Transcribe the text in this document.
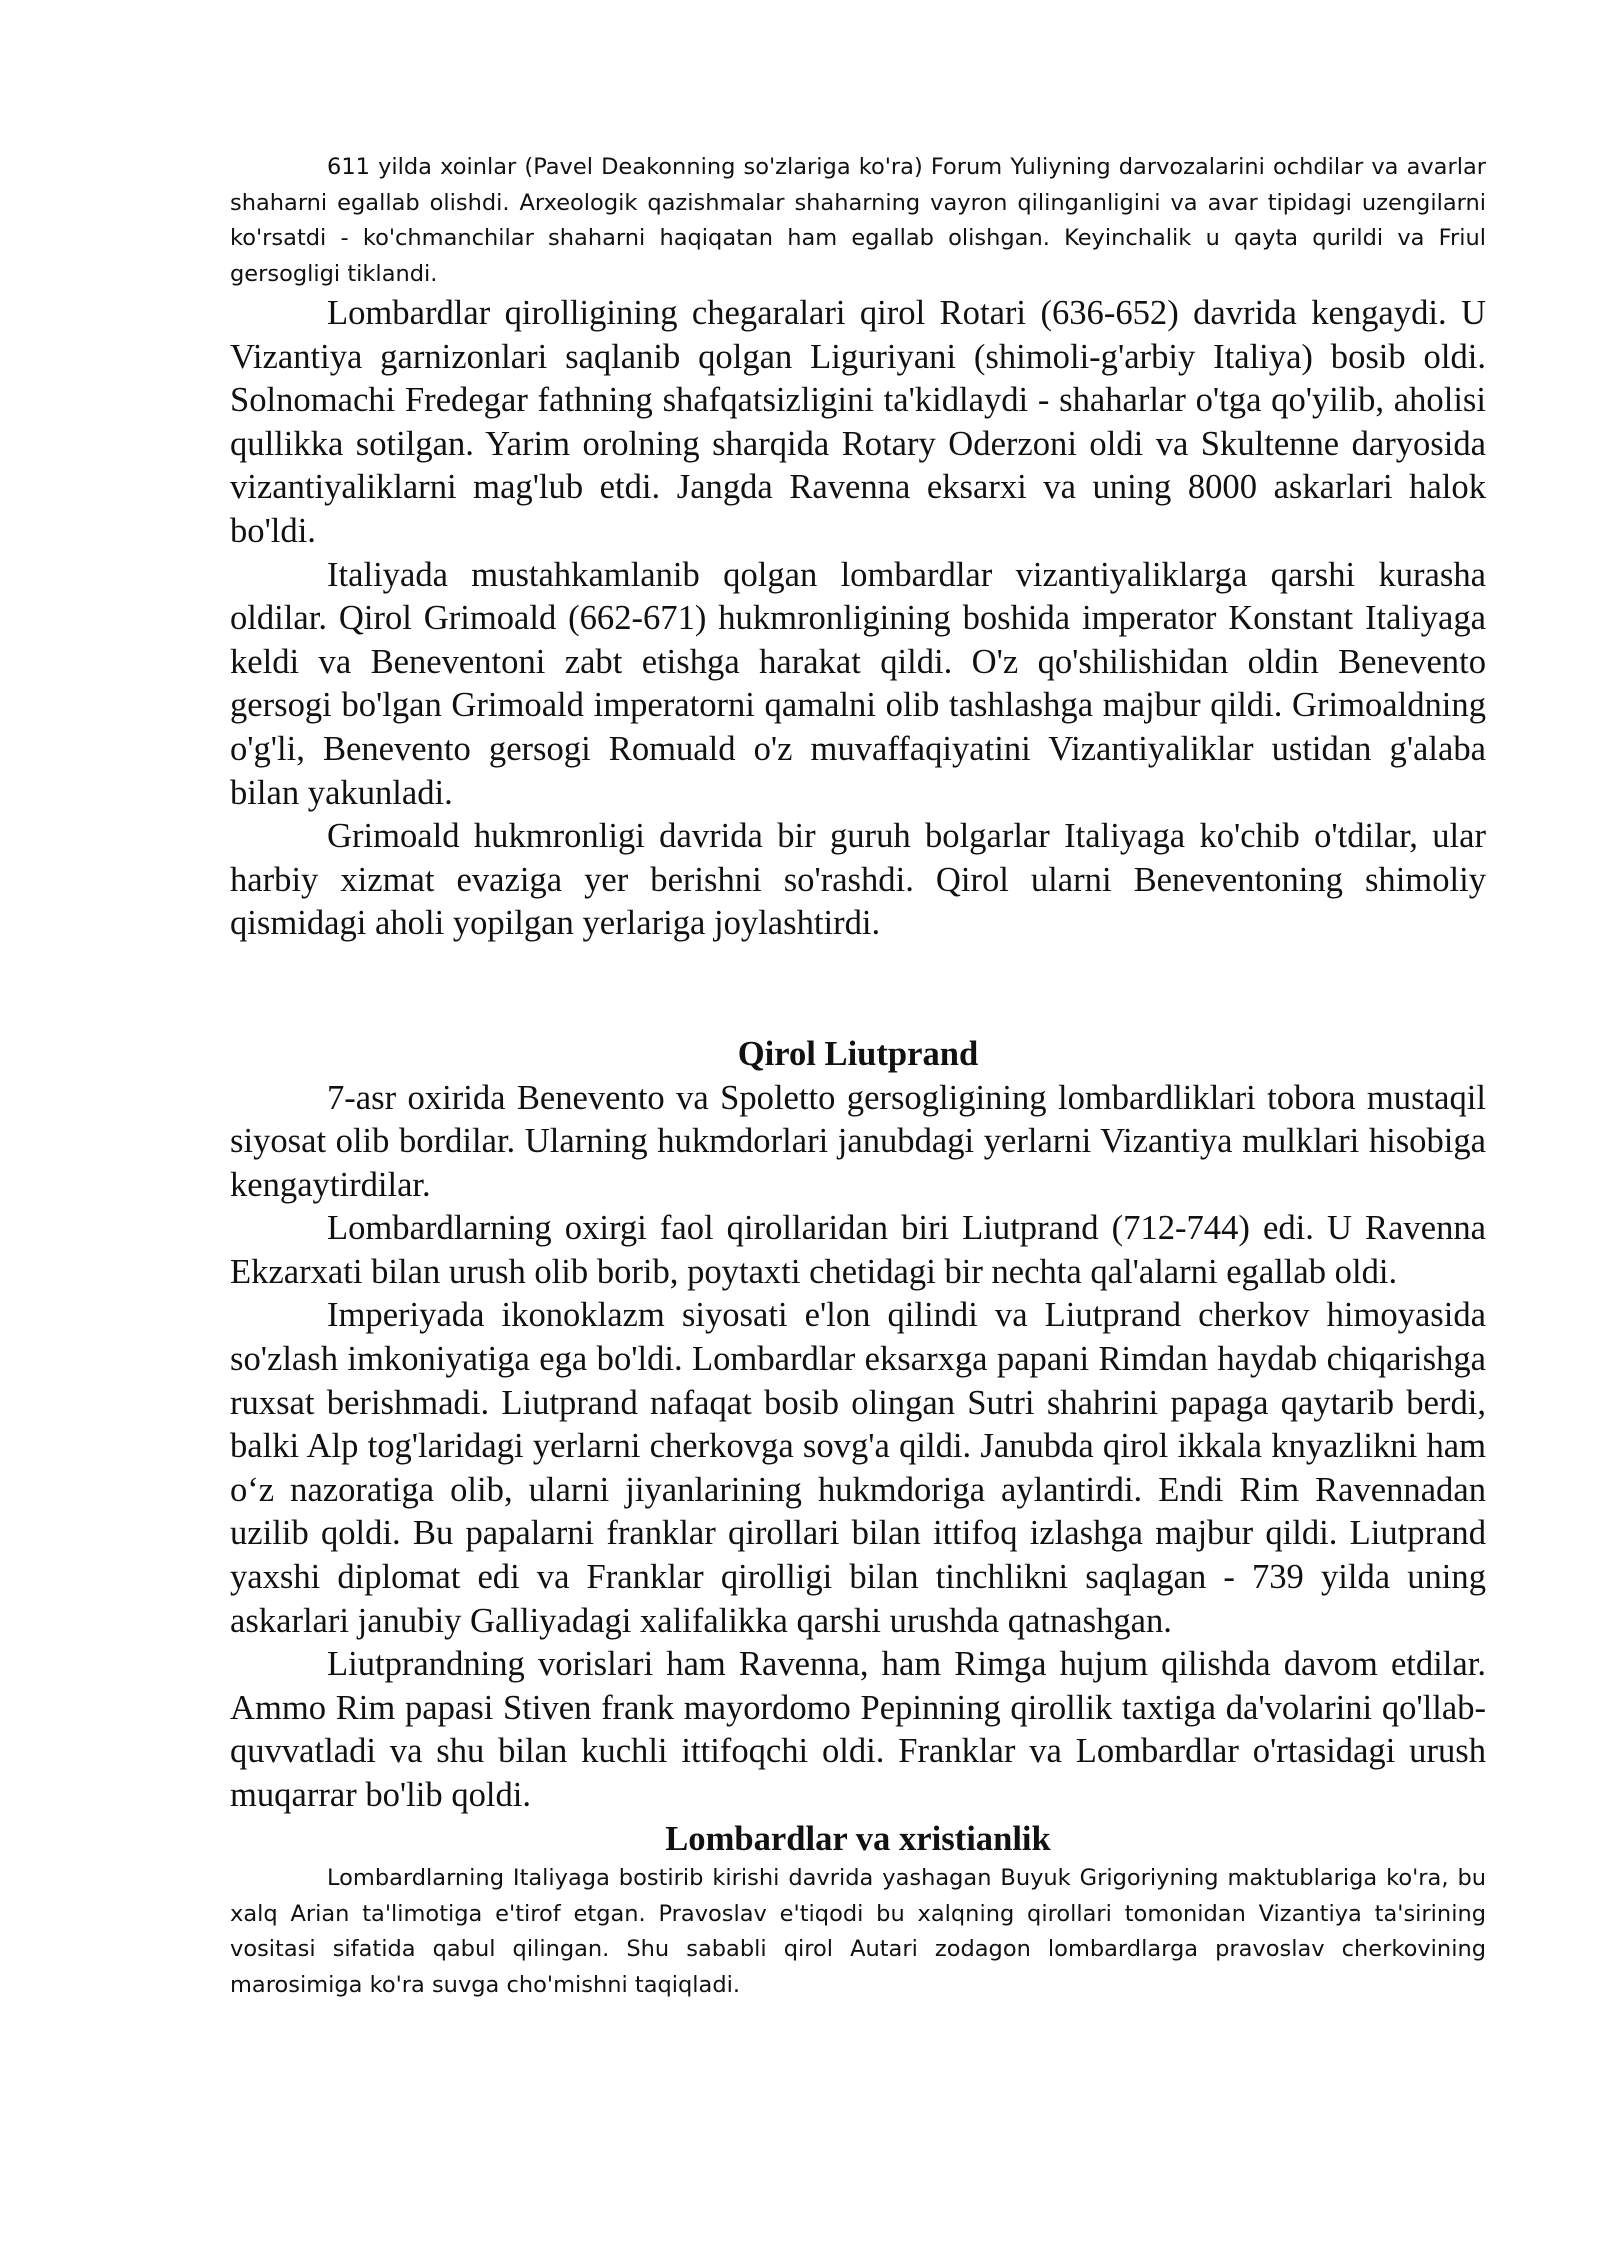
611 yilda xoinlar (Pavel Deakonning so'zlariga ko'ra) Forum Yuliyning darvozalarini ochdilar va avarlar shaharni egallab olishdi. Arxeologik qazishmalar shaharning vayron qilinganligini va avar tipidagi uzengilarni ko'rsatdi - ko'chmanchilar shaharni haqiqatan ham egallab olishgan. Keyinchalik u qayta qurildi va Friul gersogligi tiklandi.

Lombardlar qirolligining chegaralari qirol Rotari (636-652) davrida kengaydi. U Vizantiya garnizonlari saqlanib qolgan Liguriyani (shimoli-g'arbiy Italiya) bosib oldi. Solnomachi Fredegar fathning shafqatsizligini ta'kidlaydi - shaharlar o'tga qo'yilib, aholisi qullikka sotilgan. Yarim orolning sharqida Rotary Oderzoni oldi va Skultenne daryosida vizantiyaliklarni mag'lub etdi. Jangda Ravenna eksarxi va uning 8000 askarlari halok bo'ldi.

Italiyada mustahkamlanib qolgan lombardlar vizantiyaliklarga qarshi kurasha oldilar. Qirol Grimoald (662-671) hukmronligining boshida imperator Konstant Italiyaga keldi va Beneventoni zabt etishga harakat qildi. O'z qo'shilishidan oldin Benevento gersogi bo'lgan Grimoald imperatorni qamalni olib tashlashga majbur qildi. Grimoaldning o'g'li, Benevento gersogi Romuald o'z muvaffaqiyatini Vizantiyaliklar ustidan g'alaba bilan yakunladi.

Grimoald hukmronligi davrida bir guruh bolgarlar Italiyaga ko'chib o'tdilar, ular harbiy xizmat evaziga yer berishni so'rashdi. Qirol ularni Beneventoning shimoliy qismidagi aholi yopilgan yerlariga joylashtirdi.

Qirol Liutprand

7-asr oxirida Benevento va Spoletto gersogligining lombardliklari tobora mustaqil siyosat olib bordilar. Ularning hukmdorlari janubdagi yerlarni Vizantiya mulklari hisobiga kengaytirdilar.

Lombardlarning oxirgi faol qirollaridan biri Liutprand (712-744) edi. U Ravenna Ekzarxati bilan urush olib borib, poytaxti chetidagi bir nechta qal'alarni egallab oldi.

Imperiyada ikonoklazm siyosati e'lon qilindi va Liutprand cherkov himoyasida so'zlash imkoniyatiga ega bo'ldi. Lombardlar eksarxga papani Rimdan haydab chiqarishga ruxsat berishmadi. Liutprand nafaqat bosib olingan Sutri shahrini papaga qaytarib berdi, balki Alp tog'laridagi yerlarni cherkovga sovg'a qildi. Janubda qirol ikkala knyazlikni ham o‘z nazoratiga olib, ularni jiyanlarining hukmdoriga aylantirdi. Endi Rim Ravennadan uzilib qoldi. Bu papalarni franklar qirollari bilan ittifoq izlashga majbur qildi. Liutprand yaxshi diplomat edi va Franklar qirolligi bilan tinchlikni saqlagan - 739 yilda uning askarlari janubiy Galliyadagi xalifalikka qarshi urushda qatnashgan.

Liutprandning vorislari ham Ravenna, ham Rimga hujum qilishda davom etdilar. Ammo Rim papasi Stiven frank mayordomo Pepinning qirollik taxtiga da'volarini qo'llab-quvvatladi va shu bilan kuchli ittifoqchi oldi. Franklar va Lombardlar o'rtasidagi urush muqarrar bo'lib qoldi.

Lombardlar va xristianlik

Lombardlarning Italiyaga bostirib kirishi davrida yashagan Buyuk Grigoriyning maktublariga ko'ra, bu xalq Arian ta'limotiga e'tirof etgan. Pravoslav e'tiqodi bu xalqning qirollari tomonidan Vizantiya ta'sirining vositasi sifatida qabul qilingan. Shu sababli qirol Autari zodagon lombardlarga pravoslav cherkovining marosimiga ko'ra suvga cho'mishni taqiqladi.
